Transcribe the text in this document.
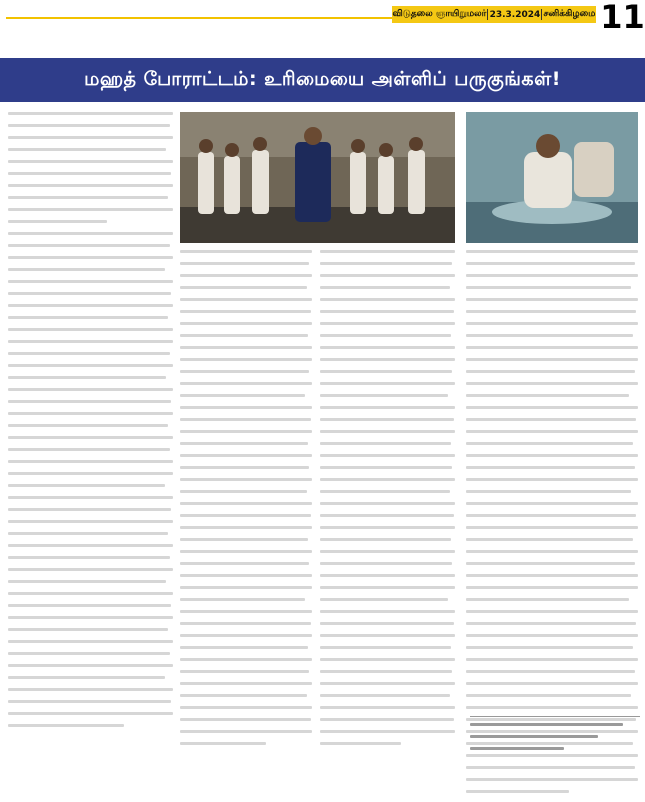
விடுதலை ஞாயிறுமலர் 23.3.2024 சனிக்கிழமை 11
மஹத் போராட்டம்: உரிமையை அள்ளிப் பருகுங்கள்!
